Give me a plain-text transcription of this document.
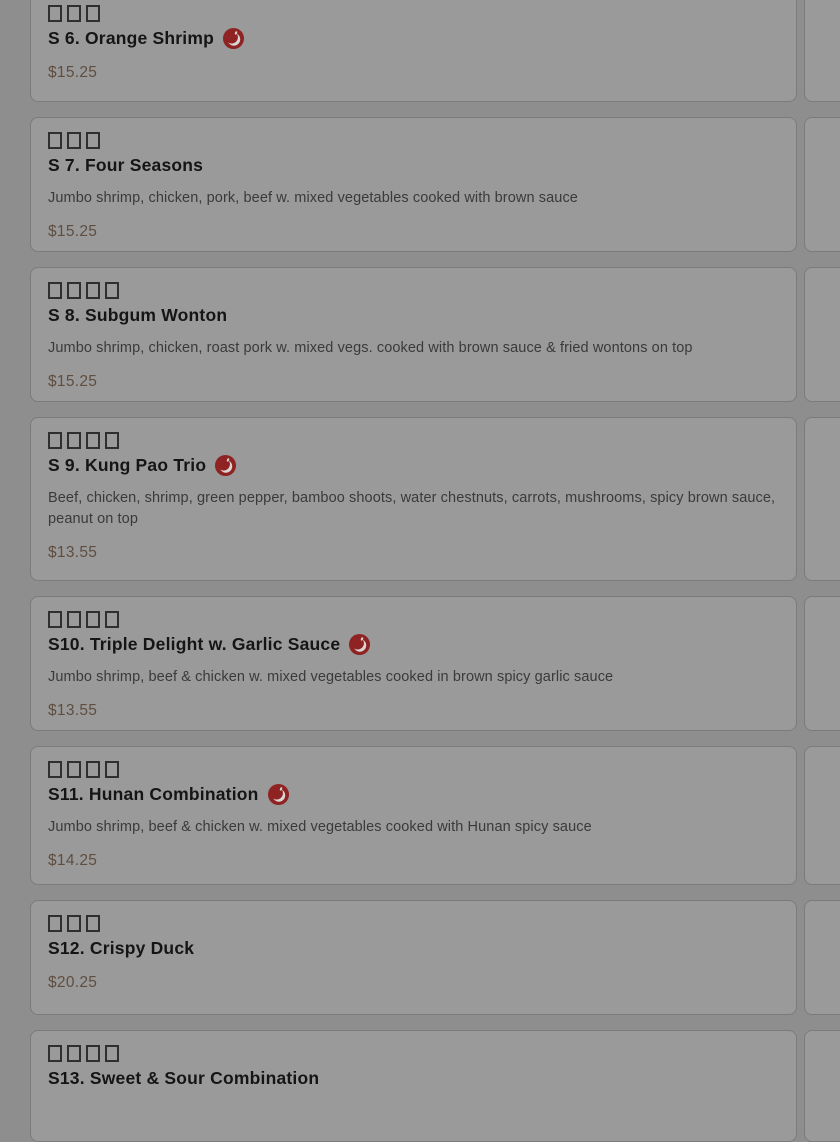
S 6. Orange Shrimp
$15.25
S 7. Four Seasons
Jumbo shrimp, chicken, pork, beef w. mixed vegetables cooked with brown sauce
$15.25
S 8. Subgum Wonton
Jumbo shrimp, chicken, roast pork w. mixed vegs. cooked with brown sauce & fried wontons on top
$15.25
S 9. Kung Pao Trio
Beef, chicken, shrimp, green pepper, bamboo shoots, water chestnuts, carrots, mushrooms, spicy brown sauce, peanut on top
$13.55
S10. Triple Delight w. Garlic Sauce
Jumbo shrimp, beef & chicken w. mixed vegetables cooked in brown spicy garlic sauce
$13.55
S11. Hunan Combination
Jumbo shrimp, beef & chicken w. mixed vegetables cooked with Hunan spicy sauce
$14.25
S12. Crispy Duck
$20.25
S13. Sweet & Sour Combination
